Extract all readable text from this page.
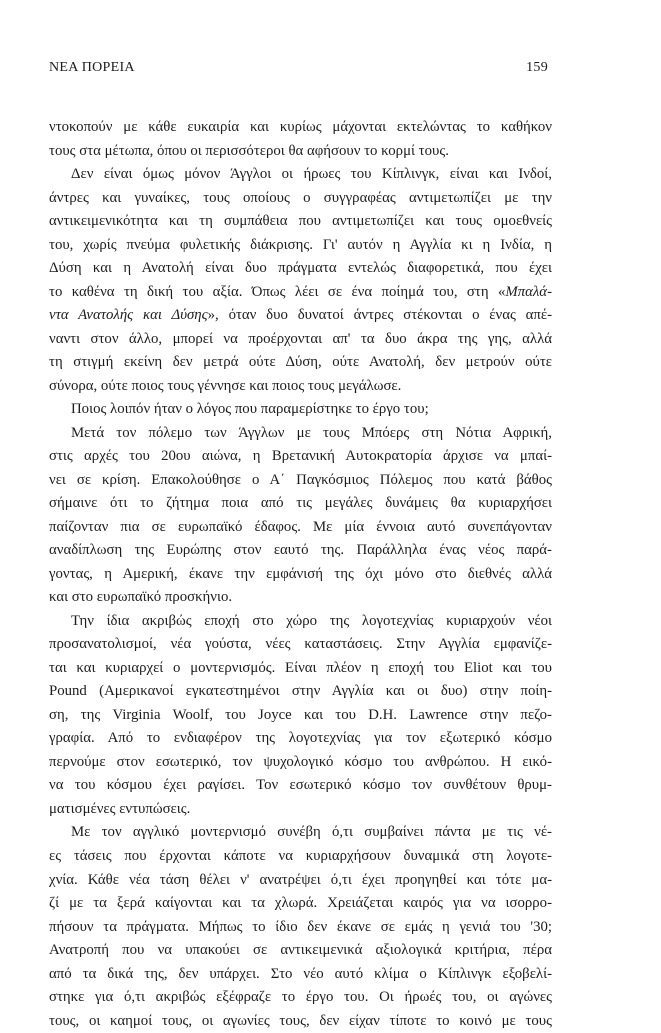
ΝΕΑ ΠΟΡΕΙΑ	159
ντοκοπούν με κάθε ευκαιρία και κυρίως μάχονται εκτελώντας το καθήκον
τους στα μέτωπα, όπου οι περισσότεροι θα αφήσουν το κορμί τους.
Δεν είναι όμως μόνον Άγγλοι οι ήρωες του Κίπλινγκ, είναι και Ινδοί,
άντρες και γυναίκες, τους οποίους ο συγγραφέας αντιμετωπίζει με την
αντικειμενικότητα και τη συμπάθεια που αντιμετωπίζει και τους ομοεθνείς
του, χωρίς πνεύμα φυλετικής διάκρισης. Γι' αυτόν η Αγγλία κι η Ινδία, η
Δύση και η Ανατολή είναι δυο πράγματα εντελώς διαφορετικά, που έχει
το καθένα τη δική του αξία. Όπως λέει σε ένα ποίημά του, στη «Μπαλά-
ντα Ανατολής και Δύσης», όταν δυο δυνατοί άντρες στέκονται ο ένας απέ-
ναντι στον άλλο, μπορεί να προέρχονται απ' τα δυο άκρα της γης, αλλά
τη στιγμή εκείνη δεν μετρά ούτε Δύση, ούτε Ανατολή, δεν μετρούν ούτε
σύνορα, ούτε ποιος τους γέννησε και ποιος τους μεγάλωσε.
Ποιος λοιπόν ήταν ο λόγος που παραμερίστηκε το έργο του;
Μετά τον πόλεμο των Άγγλων με τους Μπόερς στη Νότια Αφρική,
στις αρχές του 20ου αιώνα, η Βρετανική Αυτοκρατορία άρχισε να μπαί-
νει σε κρίση. Επακολούθησε ο Α΄ Παγκόσμιος Πόλεμος που κατά βάθος
σήμαινε ότι το ζήτημα ποια από τις μεγάλες δυνάμεις θα κυριαρχήσει
παίζονταν πια σε ευρωπαϊκό έδαφος. Με μία έννοια αυτό συνεπάγονταν
αναδίπλωση της Ευρώπης στον εαυτό της. Παράλληλα ένας νέος παρά-
γοντας, η Αμερική, έκανε την εμφάνισή της όχι μόνο στο διεθνές αλλά
και στο ευρωπαϊκό προσκήνιο.
Την ίδια ακριβώς εποχή στο χώρο της λογοτεχνίας κυριαρχούν νέοι
προσανατολισμοί, νέα γούστα, νέες καταστάσεις. Στην Αγγλία εμφανίζε-
ται και κυριαρχεί ο μοντερνισμός. Είναι πλέον η εποχή του Eliot και του
Pound (Αμερικανοί εγκατεστημένοι στην Αγγλία και οι δυο) στην ποίη-
ση, της Virginia Woolf, του Joyce και του D.H. Lawrence στην πεζο-
γραφία. Από το ενδιαφέρον της λογοτεχνίας για τον εξωτερικό κόσμο
περνούμε στον εσωτερικό, τον ψυχολογικό κόσμο του ανθρώπου. Η εικό-
να του κόσμου έχει ραγίσει. Τον εσωτερικό κόσμο τον συνθέτουν θρυμ-
ματισμένες εντυπώσεις.
Με τον αγγλικό μοντερνισμό συνέβη ό,τι συμβαίνει πάντα με τις νέ-
ες τάσεις που έρχονται κάποτε να κυριαρχήσουν δυναμικά στη λογοτε-
χνία. Κάθε νέα τάση θέλει ν' ανατρέψει ό,τι έχει προηγηθεί και τότε μα-
ζί με τα ξερά καίγονται και τα χλωρά. Χρειάζεται καιρός για να ισορρο-
πήσουν τα πράγματα. Μήπως το ίδιο δεν έκανε σε εμάς η γενιά του '30;
Ανατροπή που να υπακούει σε αντικειμενικά αξιολογικά κριτήρια, πέρα
από τα δικά της, δεν υπάρχει. Στο νέο αυτό κλίμα ο Κίπλινγκ εξοβελί-
στηκε για ό,τι ακριβώς εξέφραζε το έργο του. Οι ήρωές του, οι αγώνες
τους, οι καημοί τους, οι αγωνίες τους, δεν είχαν τίποτε το κοινό με τους
